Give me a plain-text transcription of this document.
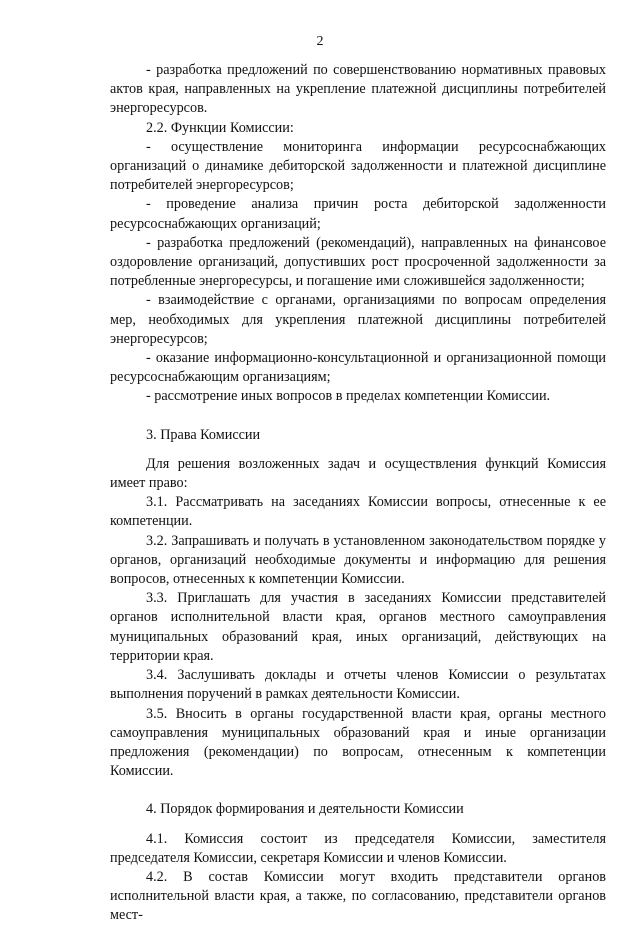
2

- разработка предложений по совершенствованию нормативных правовых актов края, направленных на укрепление платежной дисциплины потребителей энергоресурсов.

2.2. Функции Комиссии:

- осуществление мониторинга информации ресурсоснабжающих организаций о динамике дебиторской задолженности и платежной дисциплине потребителей энергоресурсов;

- проведение анализа причин роста дебиторской задолженности ресурсоснабжающих организаций;

- разработка предложений (рекомендаций), направленных на финансовое оздоровление организаций, допустивших рост просроченной задолженности за потребленные энергоресурсы, и погашение ими сложившейся задолженности;

- взаимодействие с органами, организациями по вопросам определения мер, необходимых для укрепления платежной дисциплины потребителей энергоресурсов;

- оказание информационно-консультационной и организационной помощи ресурсоснабжающим организациям;

- рассмотрение иных вопросов в пределах компетенции Комиссии.

3. Права Комиссии

Для решения возложенных задач и осуществления функций Комиссия имеет право:

3.1. Рассматривать на заседаниях Комиссии вопросы, отнесенные к ее компетенции.

3.2. Запрашивать и получать в установленном законодательством порядке у органов, организаций необходимые документы и информацию для решения вопросов, отнесенных к компетенции Комиссии.

3.3. Приглашать для участия в заседаниях Комиссии представителей органов исполнительной власти края, органов местного самоуправления муниципальных образований края, иных организаций, действующих на территории края.

3.4. Заслушивать доклады и отчеты членов Комиссии о результатах выполнения поручений в рамках деятельности Комиссии.

3.5. Вносить в органы государственной власти края, органы местного самоуправления муниципальных образований края и иные организации предложения (рекомендации) по вопросам, отнесенным к компетенции Комиссии.

4. Порядок формирования и деятельности Комиссии

4.1. Комиссия состоит из председателя Комиссии, заместителя председателя Комиссии, секретаря Комиссии и членов Комиссии.

4.2. В состав Комиссии могут входить представители органов исполнительной власти края, а также, по согласованию, представители органов мест-
